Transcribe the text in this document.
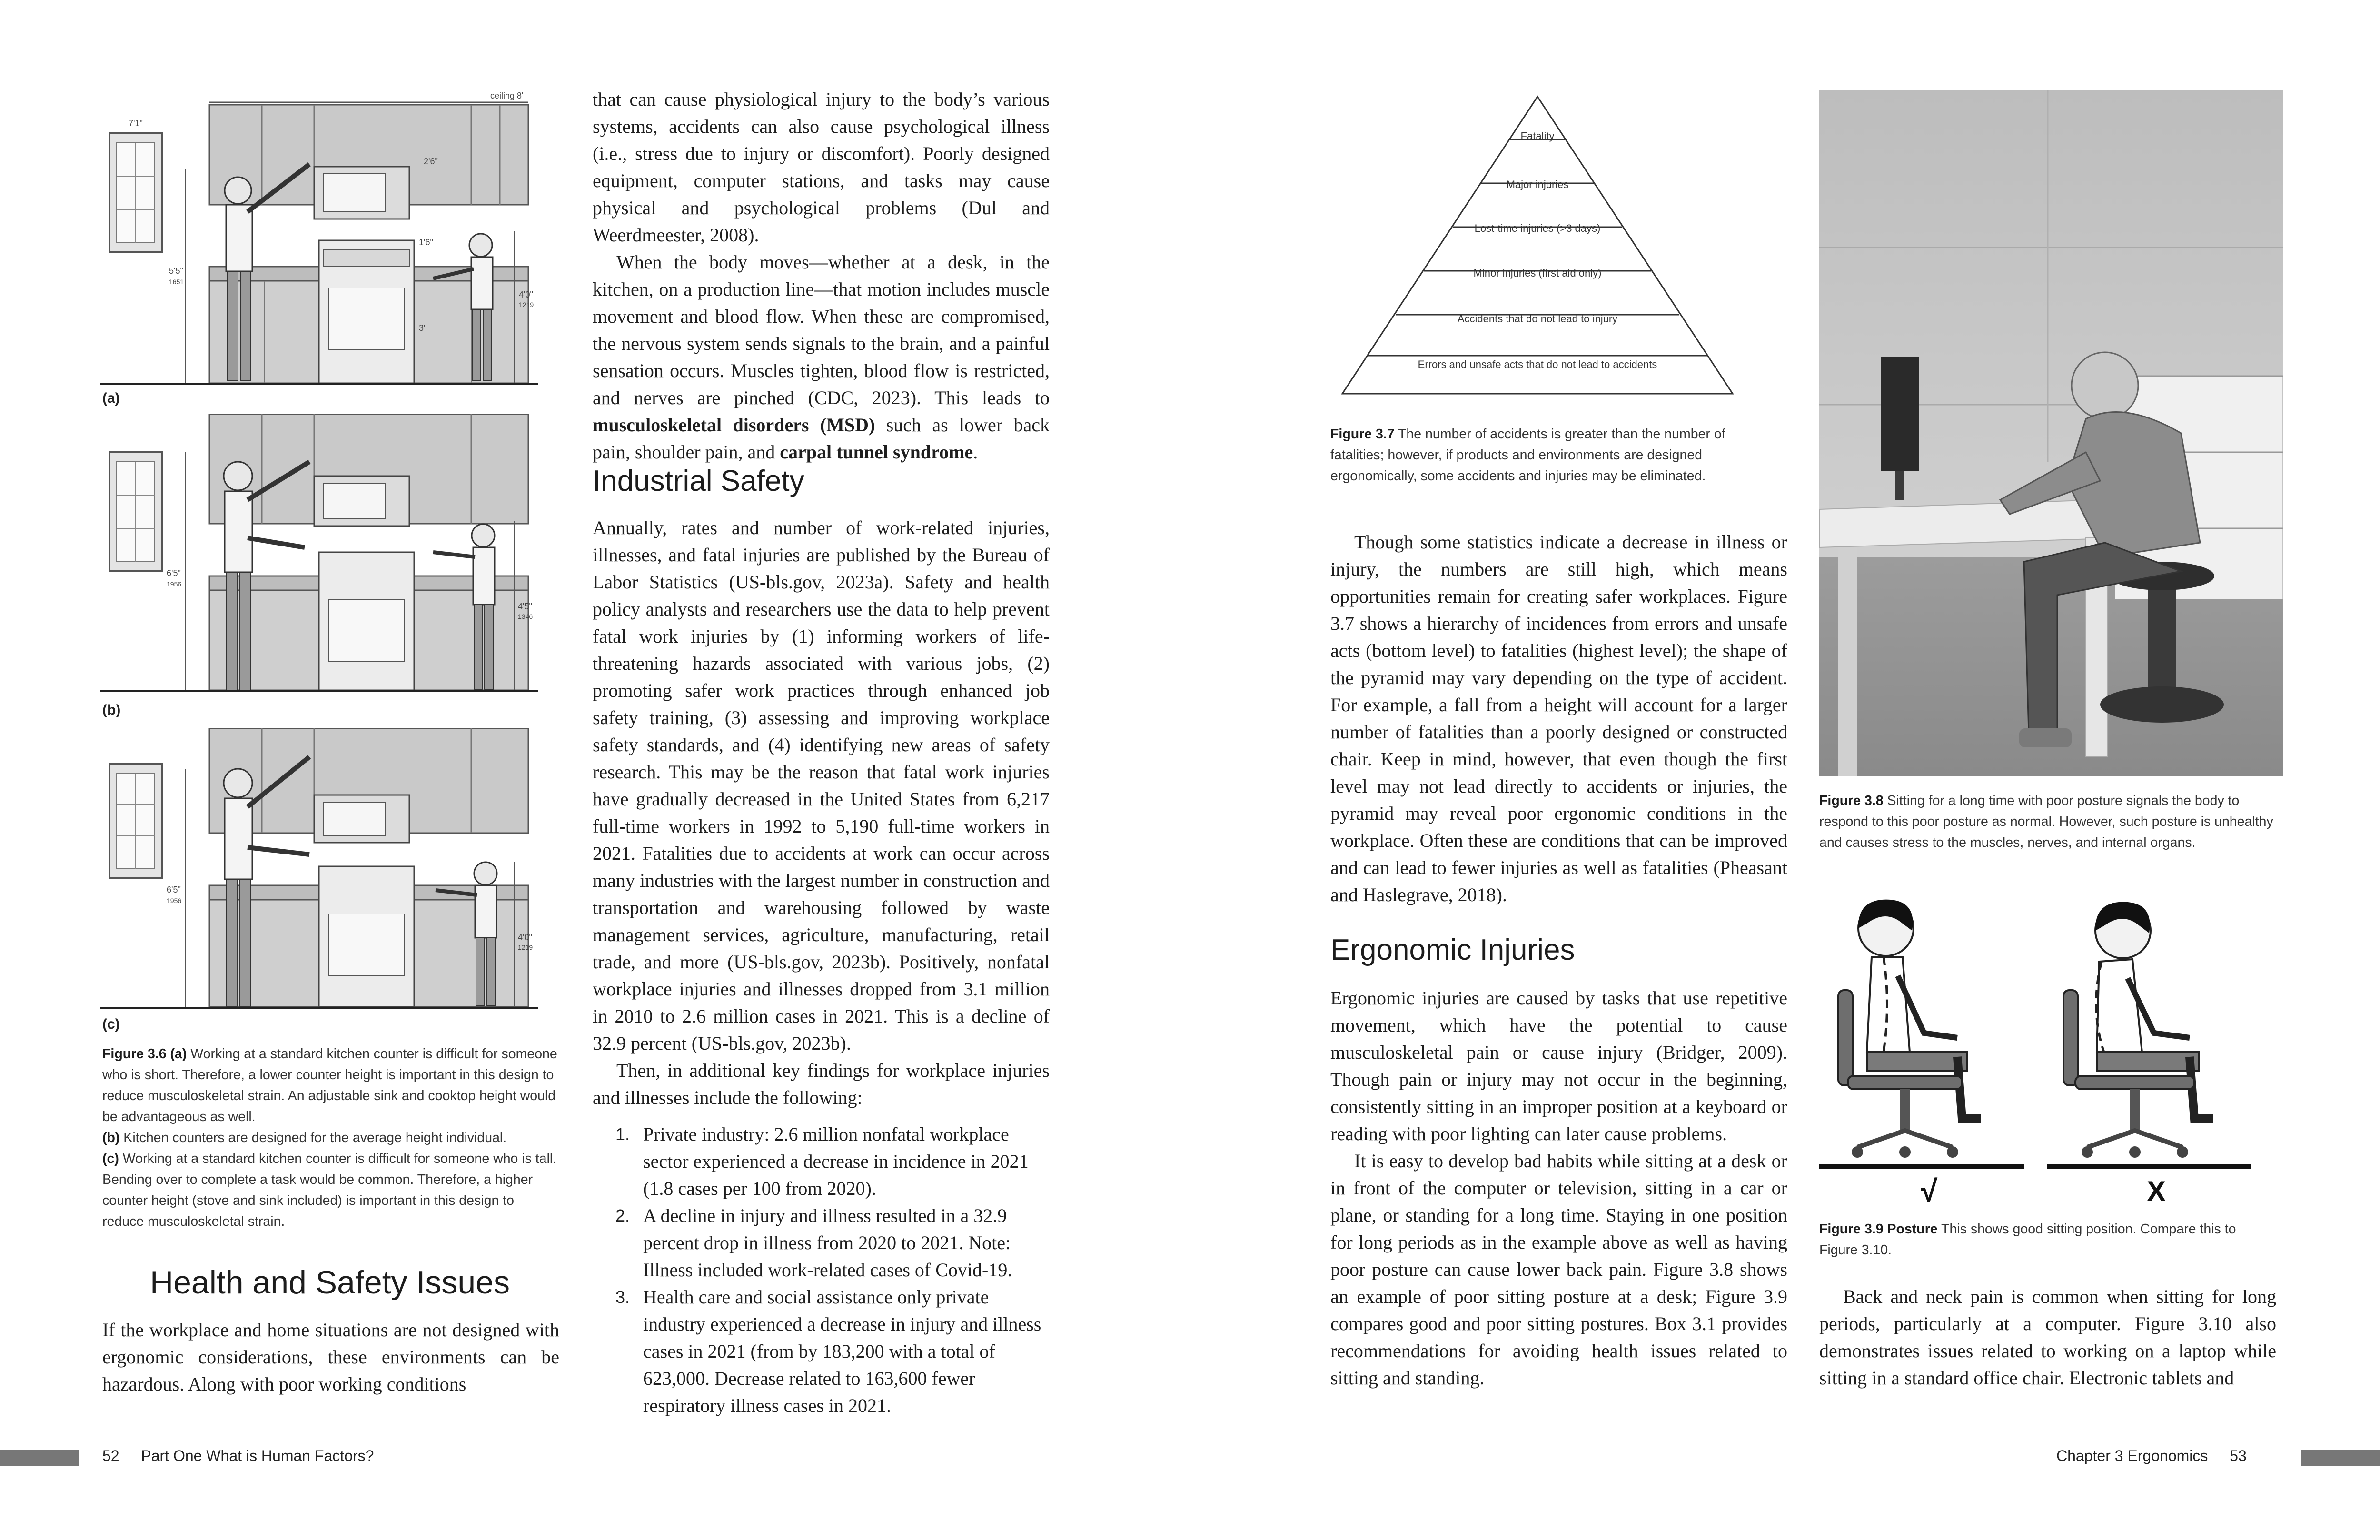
ceiling 8'
7'1"
2'6"
1'6"
3'
5'5"
1651
4'0"
1219
(a)
6'5"
1956
4'5"
1346
(b)
6'5"
1956
4'0"
1219
(c)
Figure 3.6 (a) Working at a standard kitchen counter is difficult for someone who is short. Therefore, a lower counter height is important in this design to reduce musculoskeletal strain. An adjustable sink and cooktop height would be advantageous as well.
(b) Kitchen counters are designed for the average height individual.
(c) Working at a standard kitchen counter is difficult for someone who is tall. Bending over to complete a task would be common. Therefore, a higher counter height (stove and sink included) is important in this design to reduce musculoskeletal strain.
Health and Safety Issues

If the workplace and home situations are not designed with ergonomic considerations, these environments can be hazardous. Along with poor working conditions

that can cause physiological injury to the body’s various systems, accidents can also cause psychological illness (i.e., stress due to injury or discomfort). Poorly designed equipment, computer stations, and tasks may cause physical and psychological problems (Dul and Weerdmeester, 2008).

When the body moves—whether at a desk, in the kitchen, on a production line—that motion includes muscle movement and blood flow. When these are compromised, the nervous system sends signals to the brain, and a painful sensation occurs. Muscles tighten, blood flow is restricted, and nerves are pinched (CDC, 2023). This leads to musculoskeletal disorders (MSD) such as lower back pain, shoulder pain, and carpal tunnel syndrome.

Industrial Safety

Annually, rates and number of work-related injuries, illnesses, and fatal injuries are published by the Bureau of Labor Statistics (US-bls.gov, 2023a). Safety and health policy analysts and researchers use the data to help prevent fatal work injuries by (1) informing workers of life-threatening hazards associated with various jobs, (2) promoting safer work practices through enhanced job safety training, (3) assessing and improving workplace safety standards, and (4) identifying new areas of safety research. This may be the reason that fatal work injuries have gradually decreased in the United States from 6,217 full-time workers in 1992 to 5,190 full-time workers in 2021. Fatalities due to accidents at work can occur across many industries with the largest number in construction and transportation and warehousing followed by waste management services, agriculture, manufacturing, retail trade, and more (US-bls.gov, 2023b). Positively, nonfatal workplace injuries and illnesses dropped from 3.1 million in 2010 to 2.6 million cases in 2021. This is a decline of 32.9 percent (US-bls.gov, 2023b).

Then, in additional key findings for workplace injuries and illnesses include the following:

1. Private industry: 2.6 million nonfatal workplace sector experienced a decrease in incidence in 2021 (1.8 cases per 100 from 2020).
2. A decline in injury and illness resulted in a 32.9 percent drop in illness from 2020 to 2021. Note: Illness included work-related cases of Covid-19.
3. Health care and social assistance only private industry experienced a decrease in injury and illness cases in 2021 (from by 183,200 with a total of 623,000. Decrease related to 163,600 fewer respiratory illness cases in 2021.
52 Part One What is Human Factors?
Fatality
Major injuries
Lost-time injuries (>3 days)
Minor injuries (first aid only)
Accidents that do not lead to injury
Errors and unsafe acts that do not lead to accidents
Figure 3.7 The number of accidents is greater than the number of fatalities; however, if products and environments are designed ergonomically, some accidents and injuries may be eliminated.

Though some statistics indicate a decrease in illness or injury, the numbers are still high, which means opportunities remain for creating safer workplaces. Figure 3.7 shows a hierarchy of incidences from errors and unsafe acts (bottom level) to fatalities (highest level); the shape of the pyramid may vary depending on the type of accident. For example, a fall from a height will account for a larger number of fatalities than a poorly designed or constructed chair. Keep in mind, however, that even though the first level may not lead directly to accidents or injuries, the pyramid may reveal poor ergonomic conditions in the workplace. Often these are conditions that can be improved and can lead to fewer injuries as well as fatalities (Pheasant and Haslegrave, 2018).

Ergonomic Injuries

Ergonomic injuries are caused by tasks that use repetitive movement, which have the potential to cause musculoskeletal pain or cause injury (Bridger, 2009). Though pain or injury may not occur in the beginning, consistently sitting in an improper position at a keyboard or reading with poor lighting can later cause problems.

It is easy to develop bad habits while sitting at a desk or in front of the computer or television, sitting in a car or plane, or standing for a long time. Staying in one position for long periods as in the example above as well as having poor posture can cause lower back pain. Figure 3.8 shows an example of poor sitting posture at a desk; Figure 3.9 compares good and poor sitting postures. Box 3.1 provides recommendations for avoiding health issues related to sitting and standing.

Figure 3.8 Sitting for a long time with poor posture signals the body to respond to this poor posture as normal. However, such posture is unhealthy and causes stress to the muscles, nerves, and internal organs.
√	X
Figure 3.9 Posture This shows good sitting position. Compare this to Figure 3.10.

Back and neck pain is common when sitting for long periods, particularly at a computer. Figure 3.10 also demonstrates issues related to working on a laptop while sitting in a standard office chair. Electronic tablets and

Chapter 3 Ergonomics 53
